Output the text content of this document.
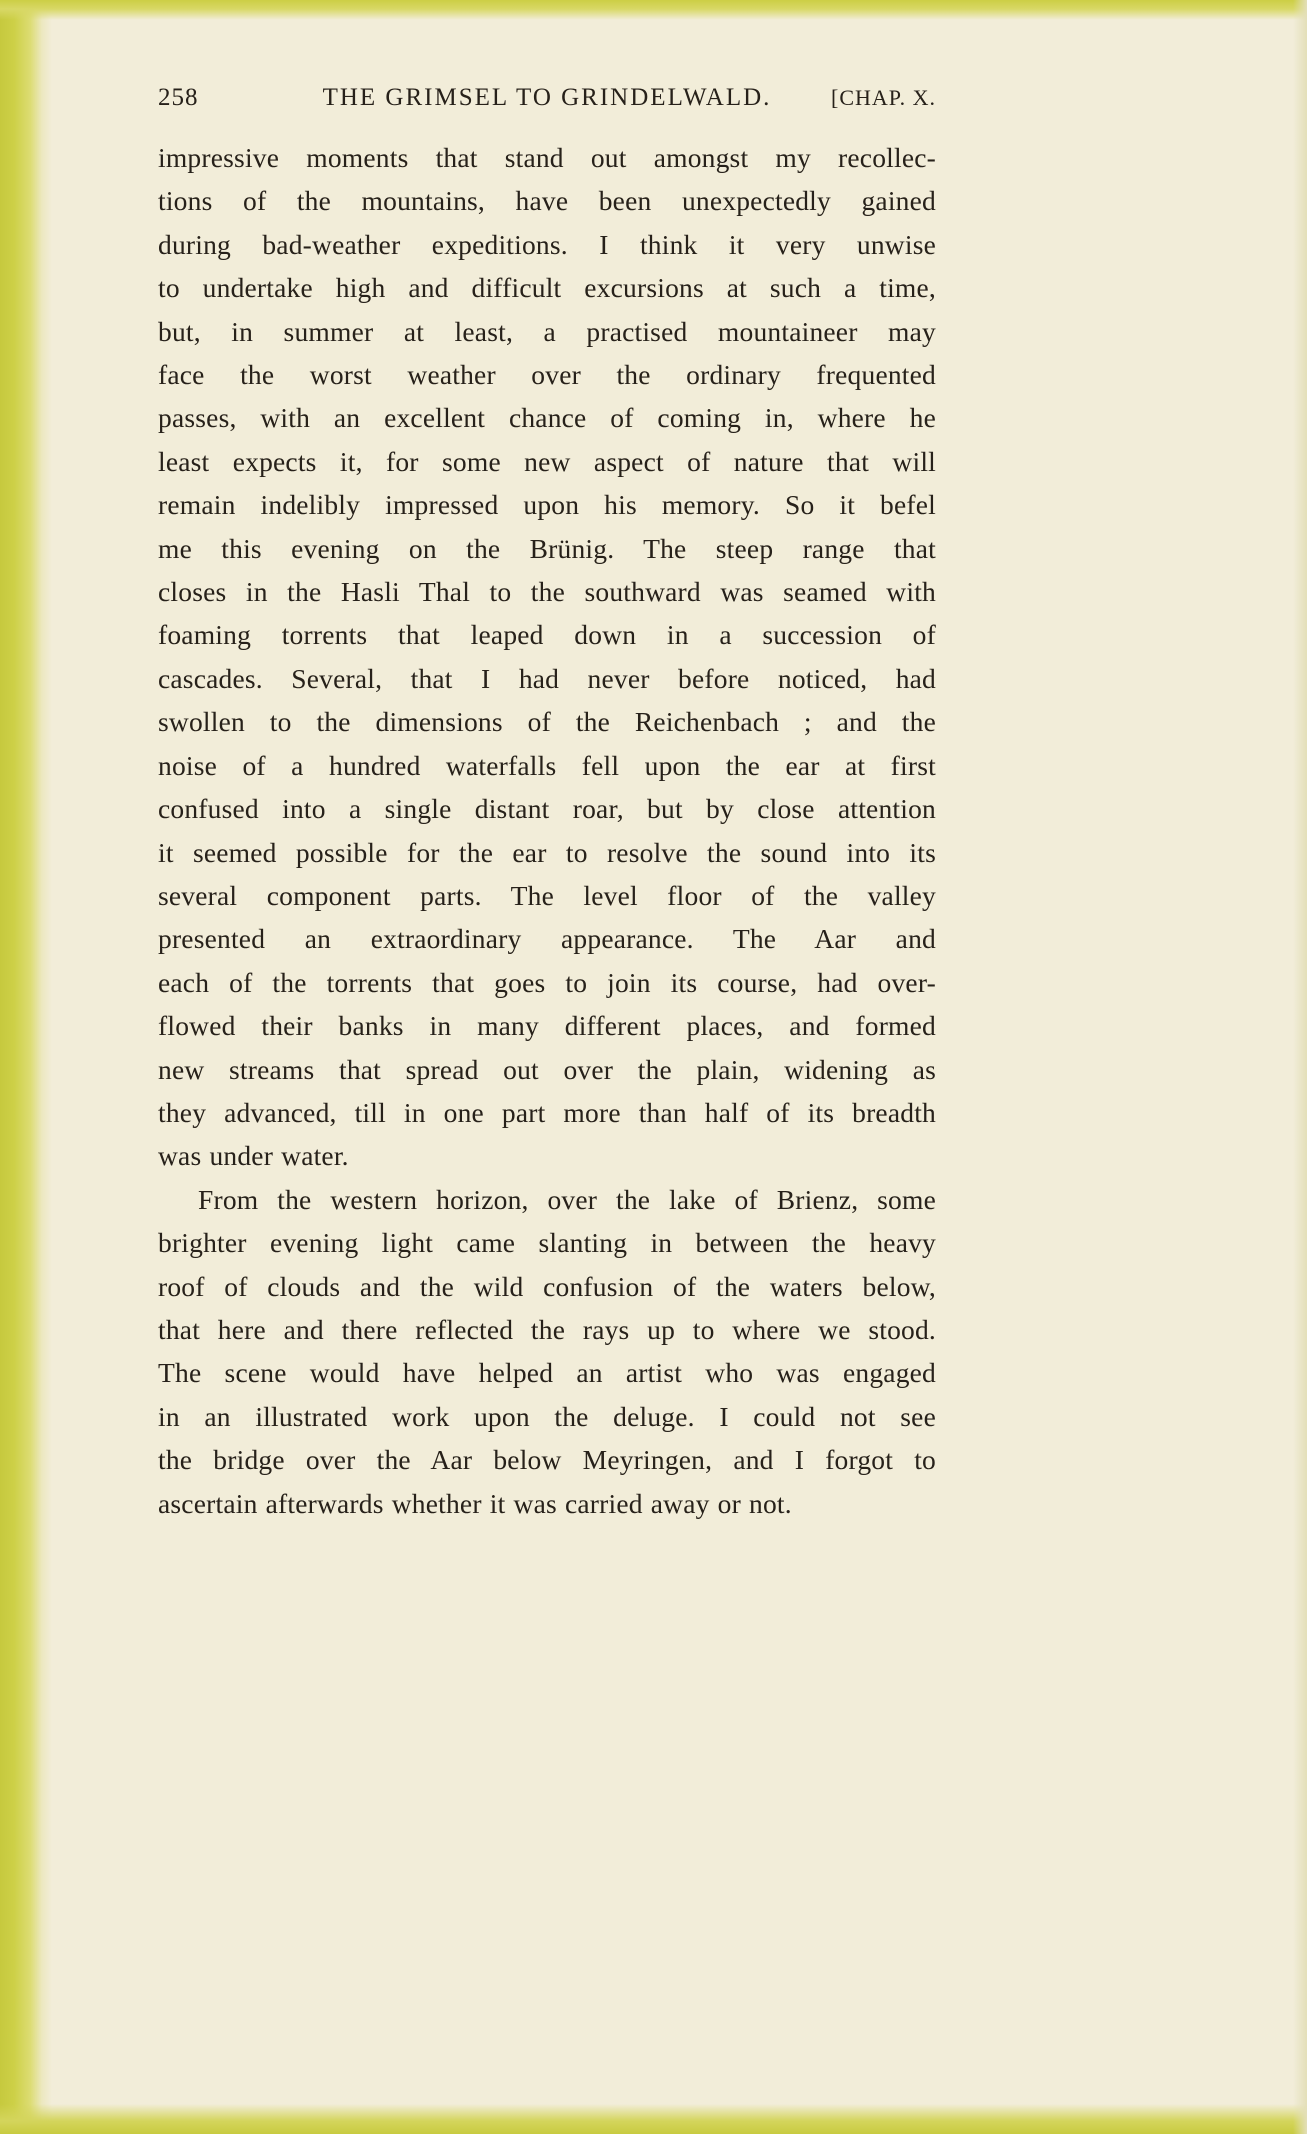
258	THE GRIMSEL TO GRINDELWALD.	[CHAP. X.
impressive moments that stand out amongst my recollec-
tions of the mountains, have been unexpectedly gained
during bad-weather expeditions. I think it very unwise
to undertake high and difficult excursions at such a time,
but, in summer at least, a practised mountaineer may
face the worst weather over the ordinary frequented
passes, with an excellent chance of coming in, where he
least expects it, for some new aspect of nature that will
remain indelibly impressed upon his memory. So it befel
me this evening on the Brünig. The steep range that
closes in the Hasli Thal to the southward was seamed with
foaming torrents that leaped down in a succession of
cascades. Several, that I had never before noticed, had
swollen to the dimensions of the Reichenbach ; and the
noise of a hundred waterfalls fell upon the ear at first
confused into a single distant roar, but by close attention
it seemed possible for the ear to resolve the sound into its
several component parts. The level floor of the valley
presented an extraordinary appearance. The Aar and
each of the torrents that goes to join its course, had over-
flowed their banks in many different places, and formed
new streams that spread out over the plain, widening as
they advanced, till in one part more than half of its breadth
was under water.
From the western horizon, over the lake of Brienz, some
brighter evening light came slanting in between the heavy
roof of clouds and the wild confusion of the waters below,
that here and there reflected the rays up to where we stood.
The scene would have helped an artist who was engaged
in an illustrated work upon the deluge. I could not see
the bridge over the Aar below Meyringen, and I forgot to
ascertain afterwards whether it was carried away or not.
